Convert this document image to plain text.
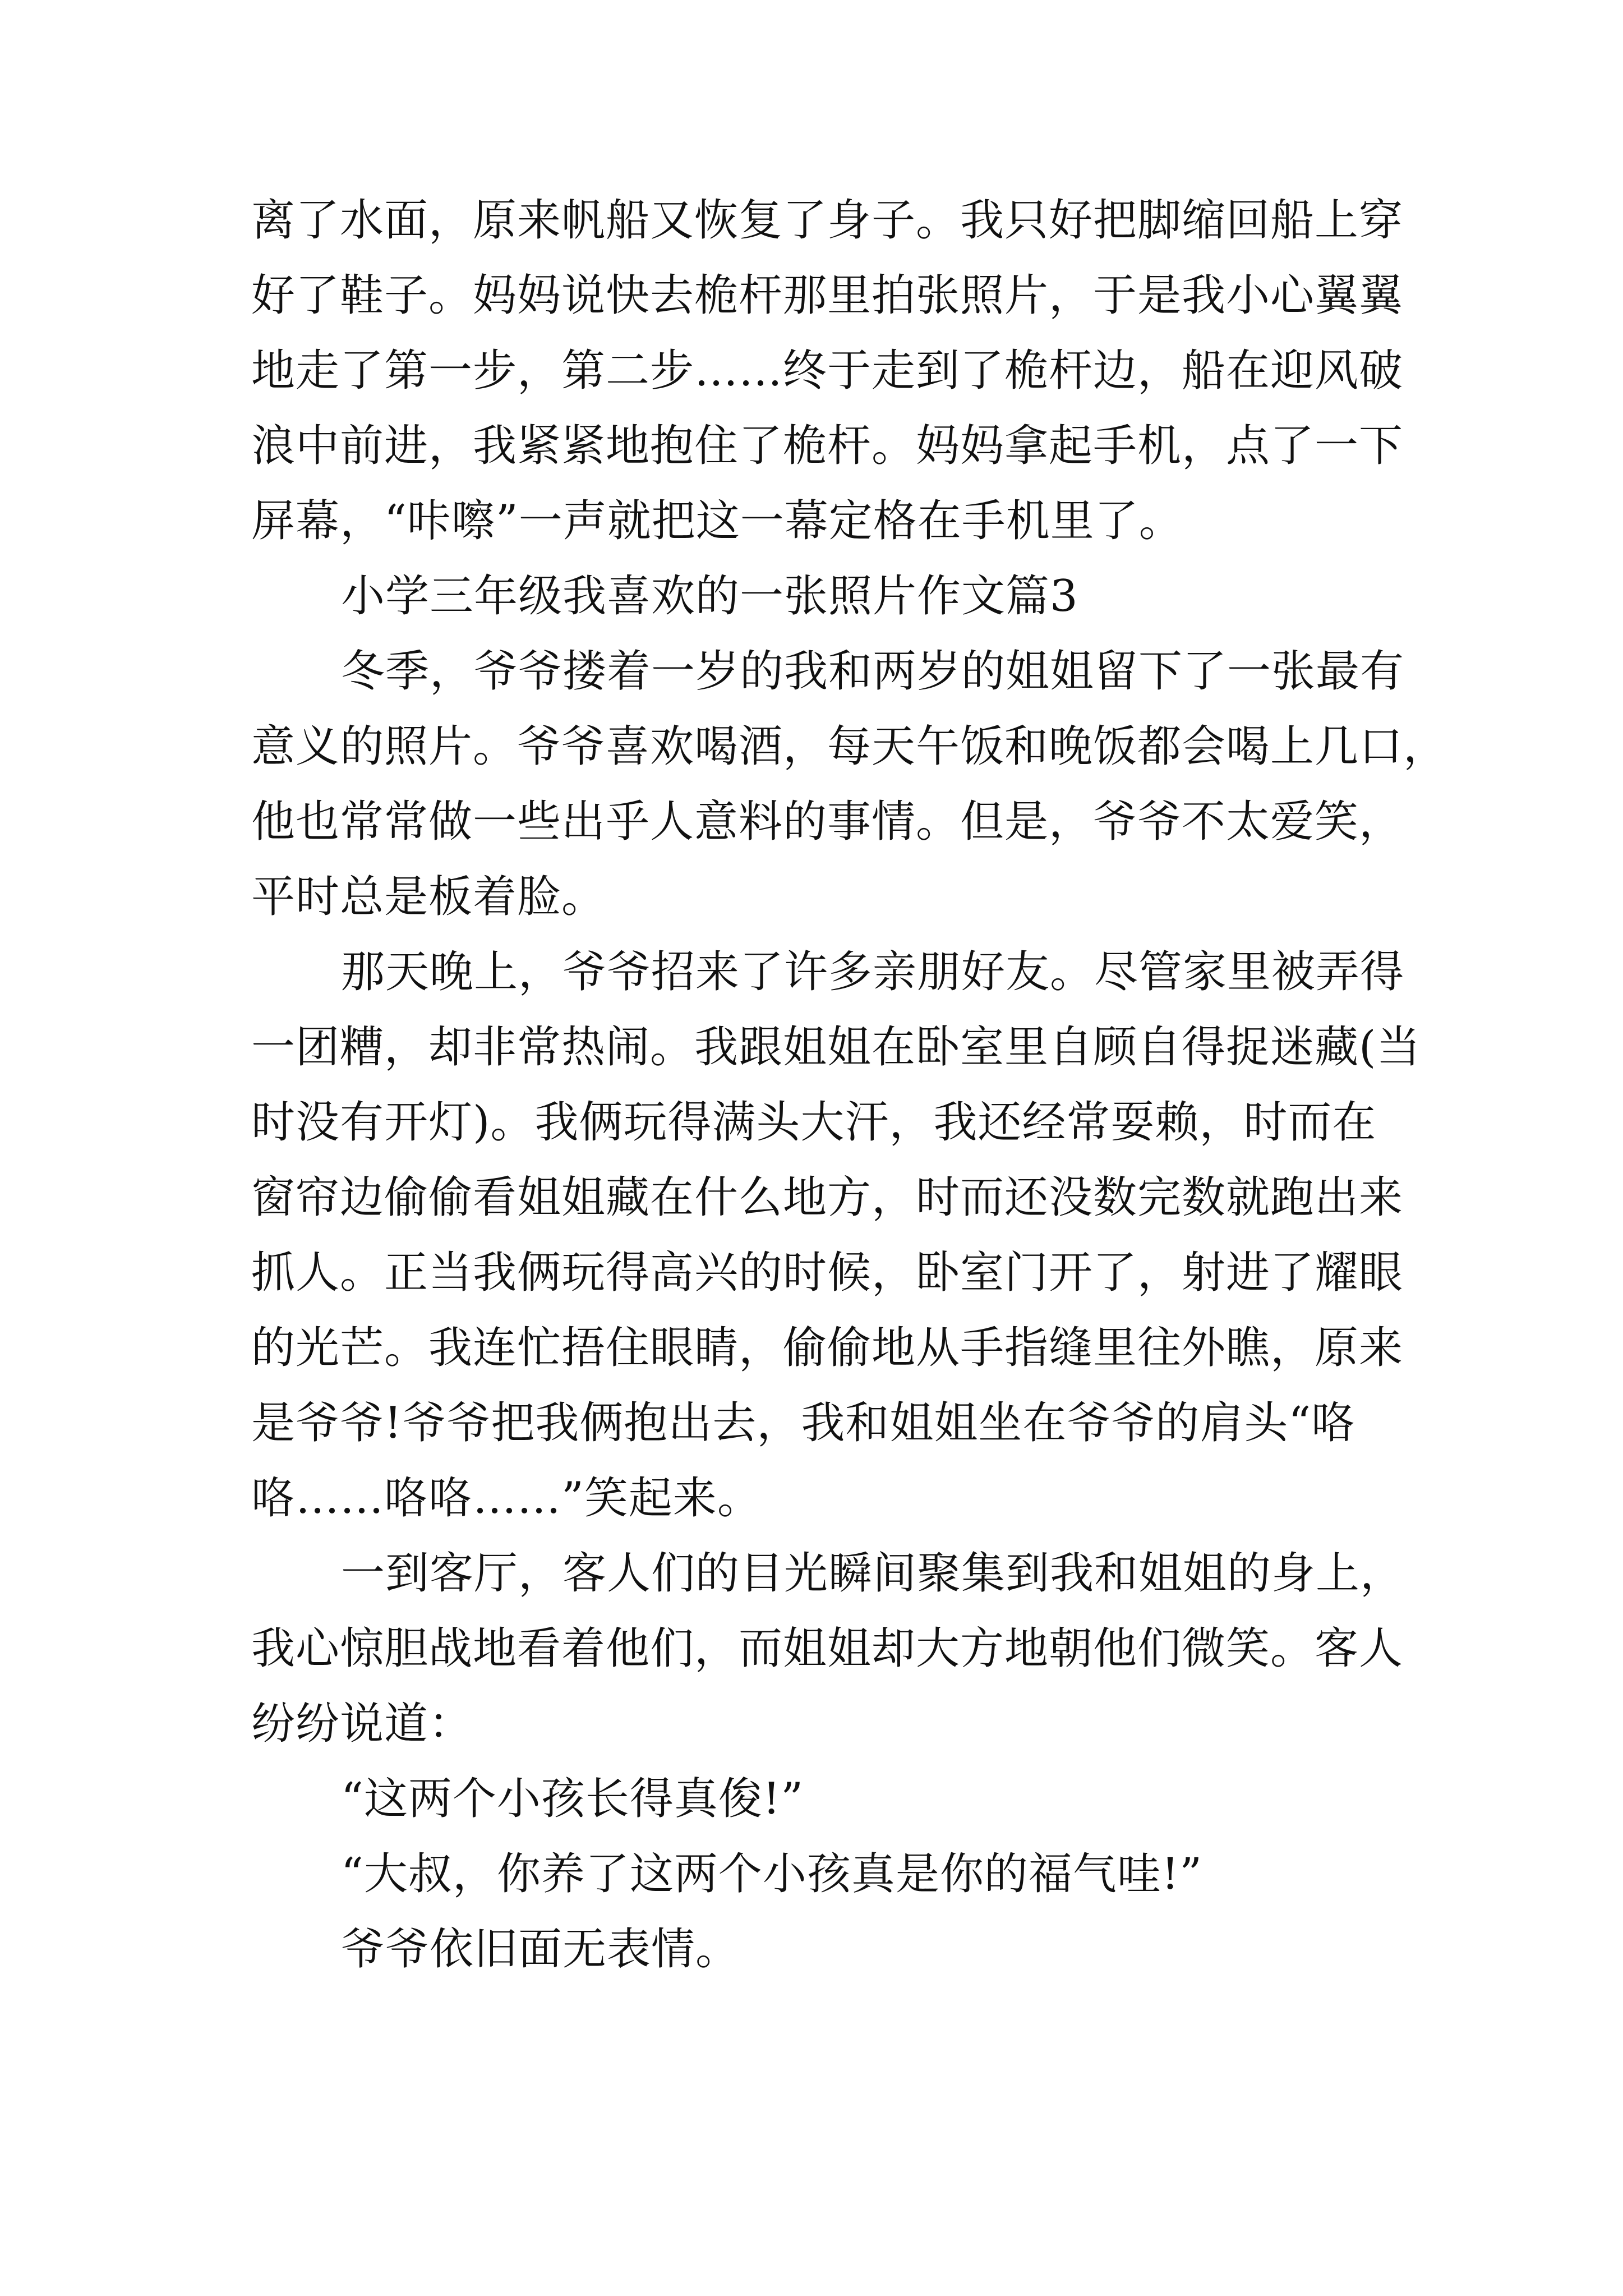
离了水面，原来帆船又恢复了身子。我只好把脚缩回船上穿
好了鞋子。妈妈说快去桅杆那里拍张照片，于是我小心翼翼
地走了第一步，第二步……终于走到了桅杆边，船在迎风破
浪中前进，我紧紧地抱住了桅杆。妈妈拿起手机，点了一下
屏幕，“咔嚓”一声就把这一幕定格在手机里了。
小学三年级我喜欢的一张照片作文篇3
冬季，爷爷搂着一岁的我和两岁的姐姐留下了一张最有
意义的照片。爷爷喜欢喝酒，每天午饭和晚饭都会喝上几口，
他也常常做一些出乎人意料的事情。但是，爷爷不太爱笑，
平时总是板着脸。
那天晚上，爷爷招来了许多亲朋好友。尽管家里被弄得
一团糟，却非常热闹。我跟姐姐在卧室里自顾自得捉迷藏(当
时没有开灯)。我俩玩得满头大汗，我还经常耍赖，时而在
窗帘边偷偷看姐姐藏在什么地方，时而还没数完数就跑出来
抓人。正当我俩玩得高兴的时候，卧室门开了，射进了耀眼
的光芒。我连忙捂住眼睛，偷偷地从手指缝里往外瞧，原来
是爷爷!爷爷把我俩抱出去，我和姐姐坐在爷爷的肩头“咯
咯……咯咯……”笑起来。
一到客厅，客人们的目光瞬间聚集到我和姐姐的身上，
我心惊胆战地看着他们，而姐姐却大方地朝他们微笑。客人
纷纷说道：
“这两个小孩长得真俊!”
“大叔，你养了这两个小孩真是你的福气哇!”
爷爷依旧面无表情。
